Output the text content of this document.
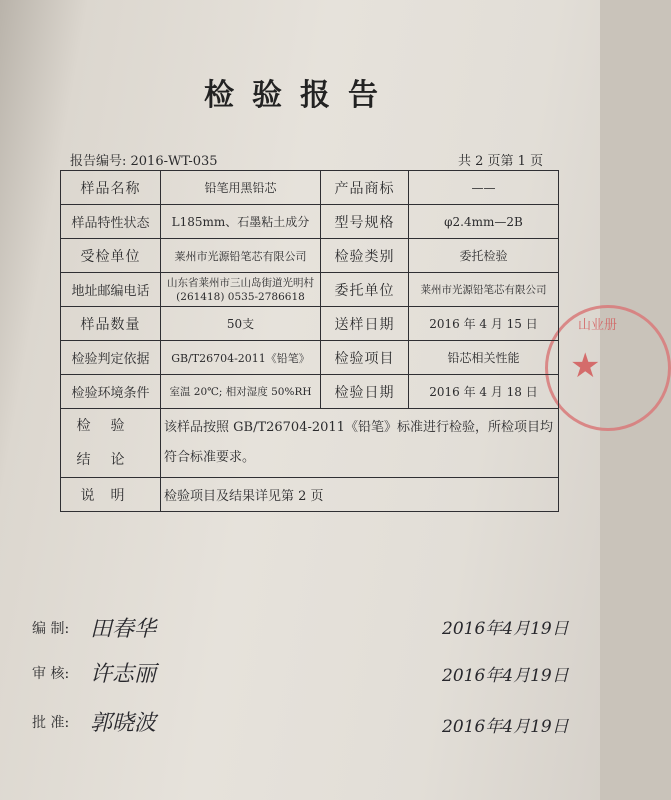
山业册
★
检验报告
报告编号: 2016-WT-035	共 2 页第 1 页
样品名称	铅笔用黑铅芯	产品商标	——
样品特性状态	L185mm、石墨粘土成分	型号规格	φ2.4mm—2B
受检单位	莱州市光源铅笔芯有限公司	检验类别	委托检验
地址邮编电话	山东省莱州市三山岛街道光明村(261418) 0535-2786618	委托单位	莱州市光源铅笔芯有限公司
样品数量	50支	送样日期	2016 年 4 月 15 日
检验判定依据	GB/T26704-2011《铅笔》	检验项目	铅芯相关性能
检验环境条件	室温 20℃; 相对湿度 50%RH	检验日期	2016 年 4 月 18 日

检验
结论	该样品按照 GB/T26704-2011《铅笔》标准进行检验，所检项目均符合标准要求。		
说明	检验项目及结果详见第 2 页		
编 制: 田春华	2016年4月19日
审 核: 许志丽	2016年4月19日
批 准: 郭晓波	2016年4月19日
